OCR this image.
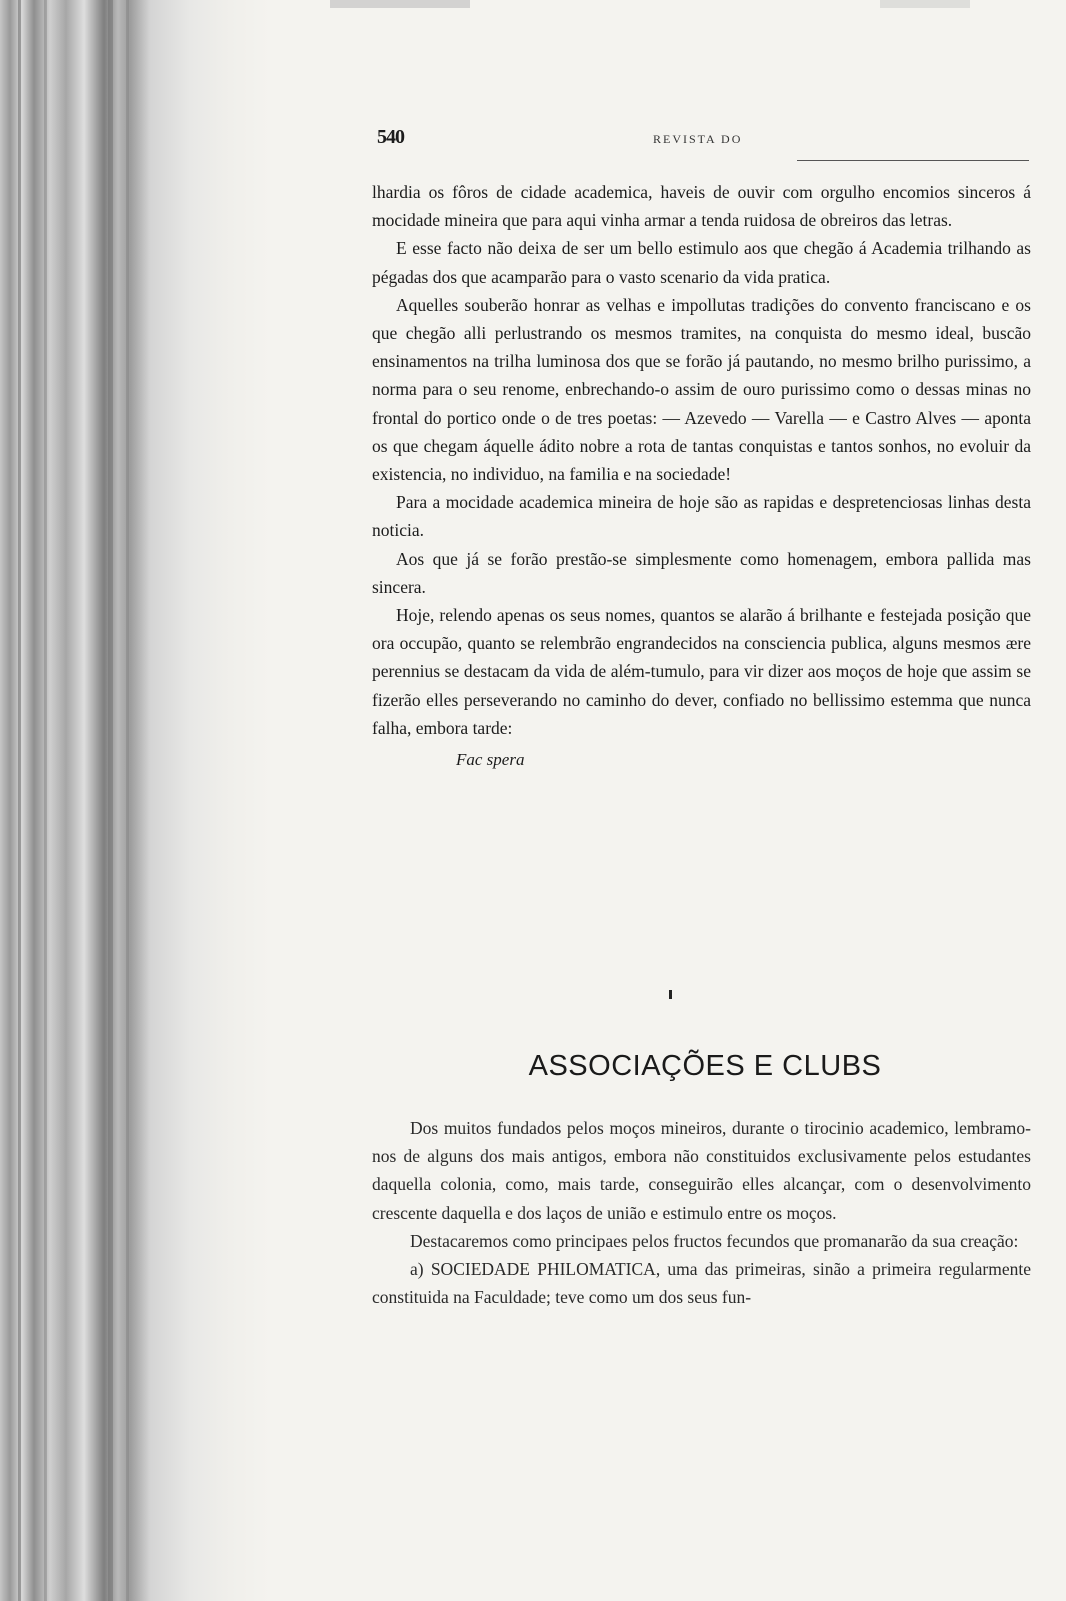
540	REVISTA DO

lhardia os fôros de cidade academica, haveis de ouvir com orgulho encomios sinceros á mocidade mineira que para aqui vinha armar a tenda ruidosa de obreiros das letras.

E esse facto não deixa de ser um bello estimulo aos que chegão á Academia trilhando as pégadas dos que acamparão para o vasto scenario da vida pratica.

Aquelles souberão honrar as velhas e impollutas tradições do convento franciscano e os que chegão alli perlustrando os mesmos tramites, na conquista do mesmo ideal, buscão ensinamentos na trilha luminosa dos que se forão já pautando, no mesmo brilho purissimo, a norma para o seu renome, enbrechando-o assim de ouro purissimo como o dessas minas no frontal do portico onde o de tres poetas: — Azevedo — Varella — e Castro Alves — aponta os que chegam áquelle ádito nobre a rota de tantas conquistas e tantos sonhos, no evoluir da existencia, no individuo, na familia e na sociedade!

Para a mocidade academica mineira de hoje são as rapidas e despretenciosas linhas desta noticia.

Aos que já se forão prestão-se simplesmente como homenagem, embora pallida mas sincera.

Hoje, relendo apenas os seus nomes, quantos se alarão á brilhante e festejada posição que ora occupão, quanto se relembrão engrandecidos na consciencia publica, alguns mesmos ære perennius se destacam da vida de além-tumulo, para vir dizer aos moços de hoje que assim se fizerão elles perseverando no caminho do dever, confiado no bellissimo estemma que nunca falha, embora tarde:

Fac spera
ASSOCIAÇÕES E CLUBS

Dos muitos fundados pelos moços mineiros, durante o tirocinio academico, lembramo-nos de alguns dos mais antigos, embora não constituidos exclusivamente pelos estudantes daquella colonia, como, mais tarde, conseguirão elles alcançar, com o desenvolvimento crescente daquella e dos laços de união e estimulo entre os moços.

Destacaremos como principaes pelos fructos fecundos que promanarão da sua creação:

a) SOCIEDADE PHILOMATICA, uma das primeiras, sinão a primeira regularmente constituida na Faculdade; teve como um dos seus fun-
